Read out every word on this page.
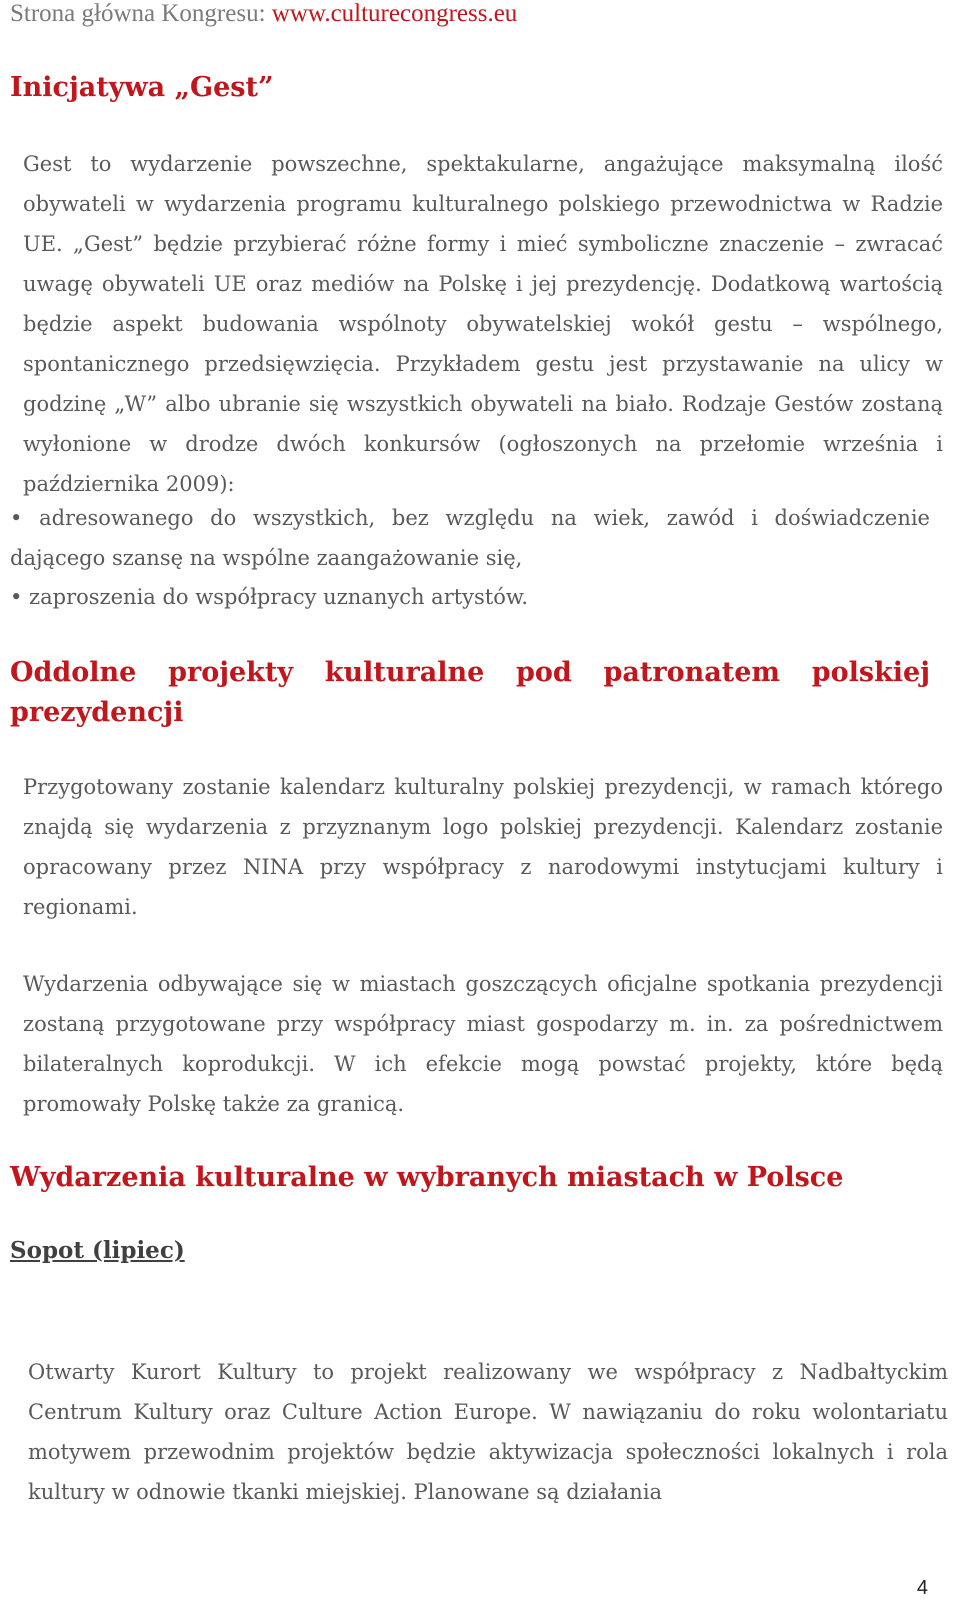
Strona główna Kongresu: www.culturecongress.eu
Inicjatywa „Gest”

Gest to wydarzenie powszechne, spektakularne, angażujące maksymalną ilość obywateli w wydarzenia programu kulturalnego polskiego przewodnictwa w Radzie UE. „Gest” będzie przybierać różne formy i mieć symboliczne znaczenie – zwracać uwagę obywateli UE oraz mediów na Polskę i jej prezydencję. Dodatkową wartością będzie aspekt budowania wspólnoty obywatelskiej wokół gestu – wspólnego, spontanicznego przedsięwzięcia. Przykładem gestu jest przystawanie na ulicy w godzinę „W” albo ubranie się wszystkich obywateli na biało. Rodzaje Gestów zostaną wyłonione w drodze dwóch konkursów (ogłoszonych na przełomie września i października 2009):

• adresowanego do wszystkich, bez względu na wiek, zawód i doświadczenie dającego szansę na wspólne zaangażowanie się,

• zaproszenia do współpracy uznanych artystów.

Oddolne projekty kulturalne pod patronatem polskiej prezydencji

Przygotowany zostanie kalendarz kulturalny polskiej prezydencji, w ramach którego znajdą się wydarzenia z przyznanym logo polskiej prezydencji. Kalendarz zostanie opracowany przez NINA przy współpracy z narodowymi instytucjami kultury i regionami.

Wydarzenia odbywające się w miastach goszczących oficjalne spotkania prezydencji zostaną przygotowane przy współpracy miast gospodarzy m. in. za pośrednictwem bilateralnych koprodukcji. W ich efekcie mogą powstać projekty, które będą promowały Polskę także za granicą.

Wydarzenia kulturalne w wybranych miastach w Polsce
Sopot (lipiec)

Otwarty Kurort Kultury to projekt realizowany we współpracy z Nadbałtyckim Centrum Kultury oraz Culture Action Europe. W nawiązaniu do roku wolontariatu motywem przewodnim projektów będzie aktywizacja społeczności lokalnych i rola kultury w odnowie tkanki miejskiej. Planowane są działania

4
